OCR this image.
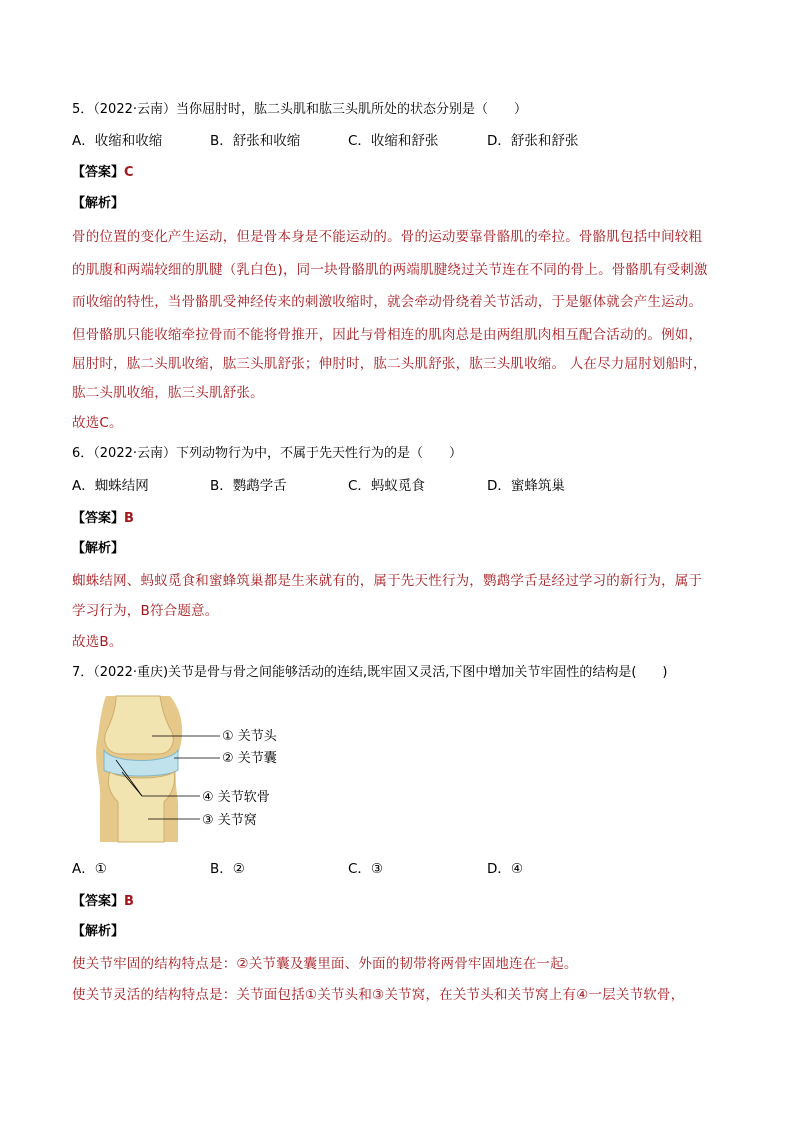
5．（2022·云南）当你屈肘时，肱二头肌和肱三头肌所处的状态分别是（　　）
A．收缩和收缩	B．舒张和收缩	C．收缩和舒张	D．舒张和舒张
【答案】C
【解析】
骨的位置的变化产生运动，但是骨本身是不能运动的。骨的运动要靠骨骼肌的牵拉。骨骼肌包括中间较粗
的肌腹和两端较细的肌腱（乳白色)，同一块骨骼肌的两端肌腱绕过关节连在不同的骨上。骨骼肌有受刺激
而收缩的特性，当骨骼肌受神经传来的刺激收缩时，就会牵动骨绕着关节活动，于是躯体就会产生运动。
但骨骼肌只能收缩牵拉骨而不能将骨推开，因此与骨相连的肌肉总是由两组肌肉相互配合活动的。例如，
屈肘时，肱二头肌收缩，肱三头肌舒张；伸肘时，肱二头肌舒张，肱三头肌收缩。 人在尽力屈肘划船时，
肱二头肌收缩，肱三头肌舒张。
故选C。
6．（2022·云南）下列动物行为中，不属于先天性行为的是（　　）
A．蜘蛛结网	B．鹦鹉学舌	C．蚂蚁觅食	D．蜜蜂筑巢
【答案】B
【解析】
蜘蛛结网、蚂蚁觅食和蜜蜂筑巢都是生来就有的，属于先天性行为，鹦鹉学舌是经过学习的新行为，属于
学习行为，B符合题意。
故选B。
7．（2022·重庆)关节是骨与骨之间能够活动的连结,既牢固又灵活,下图中增加关节牢固性的结构是(　　)
① 关节头
② 关节囊
④ 关节软骨
③ 关节窝
A．①	B．②	C．③	D．④
【答案】B
【解析】
使关节牢固的结构特点是：②关节囊及囊里面、外面的韧带将两骨牢固地连在一起。
使关节灵活的结构特点是：关节面包括①关节头和③关节窝，在关节头和关节窝上有④一层关节软骨，
